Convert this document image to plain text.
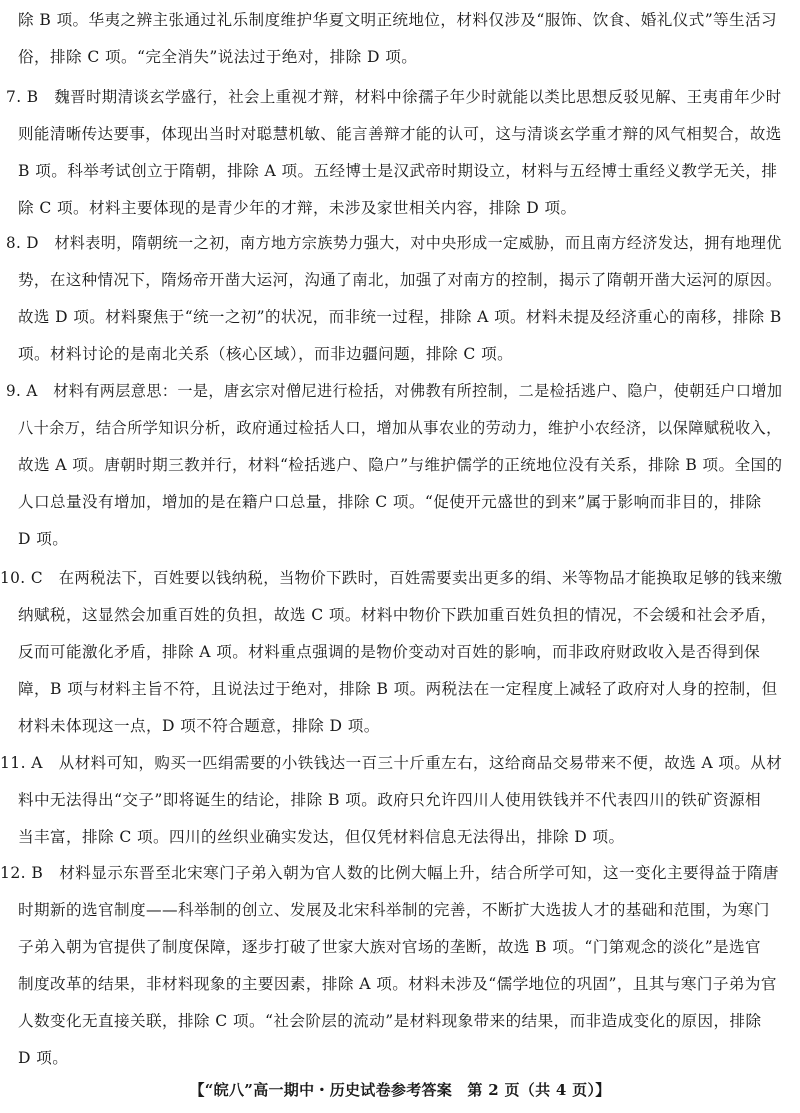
除 B 项。华夷之辨主张通过礼乐制度维护华夏文明正统地位，材料仅涉及“服饰、饮食、婚礼仪式”等生活习
俗，排除 C 项。“完全消失”说法过于绝对，排除 D 项。
7. B　魏晋时期清谈玄学盛行，社会上重视才辩，材料中徐孺子年少时就能以类比思想反驳见解、王夷甫年少时
则能清晰传达要事，体现出当时对聪慧机敏、能言善辩才能的认可，这与清谈玄学重才辩的风气相契合，故选
B 项。科举考试创立于隋朝，排除 A 项。五经博士是汉武帝时期设立，材料与五经博士重经义教学无关，排
除 C 项。材料主要体现的是青少年的才辩，未涉及家世相关内容，排除 D 项。
8. D　材料表明，隋朝统一之初，南方地方宗族势力强大，对中央形成一定威胁，而且南方经济发达，拥有地理优
势，在这种情况下，隋炀帝开凿大运河，沟通了南北，加强了对南方的控制，揭示了隋朝开凿大运河的原因。
故选 D 项。材料聚焦于“统一之初”的状况，而非统一过程，排除 A 项。材料未提及经济重心的南移，排除 B
项。材料讨论的是南北关系（核心区域），而非边疆问题，排除 C 项。
9. A　材料有两层意思：一是，唐玄宗对僧尼进行检括，对佛教有所控制，二是检括逃户、隐户，使朝廷户口增加
八十余万，结合所学知识分析，政府通过检括人口，增加从事农业的劳动力，维护小农经济，以保障赋税收入，
故选 A 项。唐朝时期三教并行，材料“检括逃户、隐户”与维护儒学的正统地位没有关系，排除 B 项。全国的
人口总量没有增加，增加的是在籍户口总量，排除 C 项。“促使开元盛世的到来”属于影响而非目的，排除
D 项。
10. C　在两税法下，百姓要以钱纳税，当物价下跌时，百姓需要卖出更多的绢、米等物品才能换取足够的钱来缴
纳赋税，这显然会加重百姓的负担，故选 C 项。材料中物价下跌加重百姓负担的情况，不会缓和社会矛盾，
反而可能激化矛盾，排除 A 项。材料重点强调的是物价变动对百姓的影响，而非政府财政收入是否得到保
障，B 项与材料主旨不符，且说法过于绝对，排除 B 项。两税法在一定程度上减轻了政府对人身的控制，但
材料未体现这一点，D 项不符合题意，排除 D 项。
11. A　从材料可知，购买一匹绢需要的小铁钱达一百三十斤重左右，这给商品交易带来不便，故选 A 项。从材
料中无法得出“交子”即将诞生的结论，排除 B 项。政府只允许四川人使用铁钱并不代表四川的铁矿资源相
当丰富，排除 C 项。四川的丝织业确实发达，但仅凭材料信息无法得出，排除 D 项。
12. B　材料显示东晋至北宋寒门子弟入朝为官人数的比例大幅上升，结合所学可知，这一变化主要得益于隋唐
时期新的选官制度——科举制的创立、发展及北宋科举制的完善，不断扩大选拔人才的基础和范围，为寒门
子弟入朝为官提供了制度保障，逐步打破了世家大族对官场的垄断，故选 B 项。“门第观念的淡化”是选官
制度改革的结果，非材料现象的主要因素，排除 A 项。材料未涉及“儒学地位的巩固”，且其与寒门子弟为官
人数变化无直接关联，排除 C 项。“社会阶层的流动”是材料现象带来的结果，而非造成变化的原因，排除
D 项。
【“皖八”高一期中・历史试卷参考答案　第 2 页（共 4 页）】
